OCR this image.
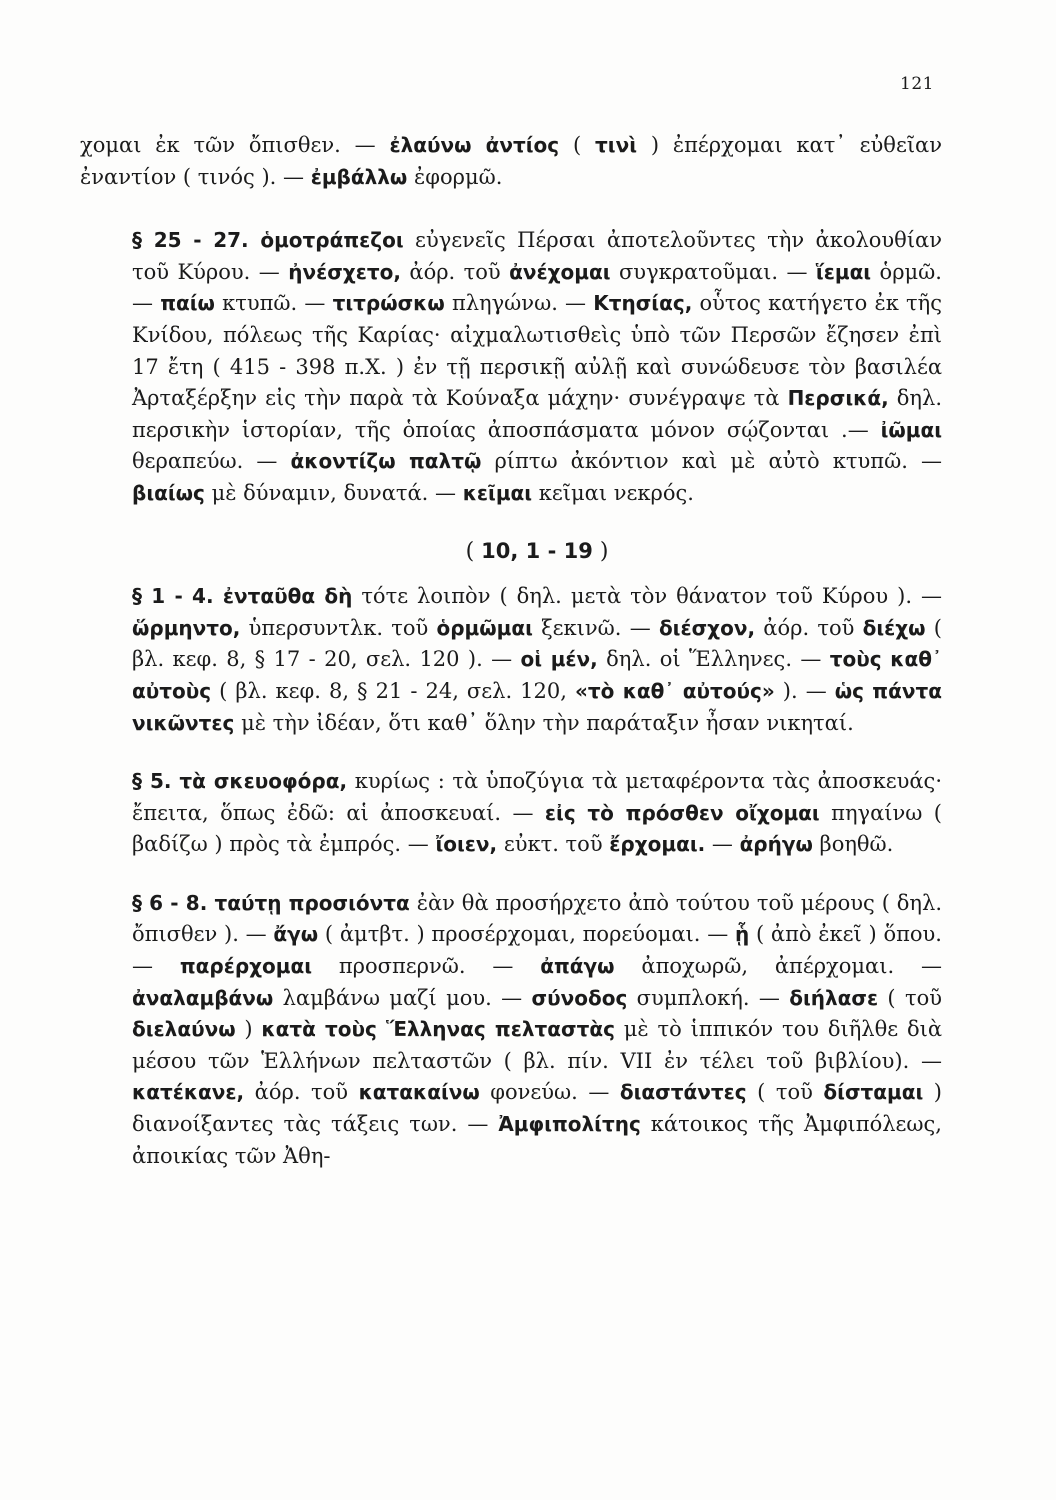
121

χομαι ἐκ τῶν ὄπισθεν. — ἐλαύνω ἀντίος ( τινὶ ) ἐπέρχομαι κατ᾽ εὐθεῖαν ἐναντίον ( τινός ). — ἐμβάλλω ἐφορμῶ.

§ 25 - 27. ὁμοτράπεζοι εὐγενεῖς Πέρσαι ἀποτελοῦντες τὴν ἀκολουθίαν τοῦ Κύρου. — ἠνέσχετο, ἀόρ. τοῦ ἀνέχομαι συγκρατοῦμαι. — ἵεμαι ὁρμῶ. — παίω κτυπῶ. — τιτρώσκω πληγώνω. — Κτησίας, οὗτος κατήγετο ἐκ τῆς Κνίδου, πόλεως τῆς Καρίας· αἰχμαλωτισθεὶς ὑπὸ τῶν Περσῶν ἔζησεν ἐπὶ 17 ἔτη ( 415 - 398 π.Χ. ) ἐν τῇ περσικῇ αὐλῇ καὶ συνώδευσε τὸν βασιλέα Ἀρταξέρξην εἰς τὴν παρὰ τὰ Κούναξα μάχην· συνέγραψε τὰ Περσικά, δηλ. περσικὴν ἱστορίαν, τῆς ὁποίας ἀποσπάσματα μόνον σῴζονται .— ἰῶμαι θεραπεύω. — ἀκοντίζω παλτῷ ρίπτω ἀκόντιον καὶ μὲ αὐτὸ κτυπῶ. — βιαίως μὲ δύναμιν, δυνατά. — κεῖμαι κεῖμαι νεκρός.

( 10, 1 - 19 )

§ 1 - 4. ἐνταῦθα δὴ τότε λοιπὸν ( δηλ. μετὰ τὸν θάνατον τοῦ Κύρου ). — ὥρμηντο, ὑπερσυντλκ. τοῦ ὁρμῶμαι ξεκινῶ. — διέσχον, ἀόρ. τοῦ διέχω ( βλ. κεφ. 8, § 17 - 20, σελ. 120 ). — οἱ μέν, δηλ. οἱ Ἕλληνες. — τοὺς καθ᾽ αὐτοὺς ( βλ. κεφ. 8, § 21 - 24, σελ. 120, «τὸ καθ᾽ αὐτούς» ). — ὡς πάντα νικῶντες μὲ τὴν ἰδέαν, ὅτι καθ᾽ ὅλην τὴν παράταξιν ἦσαν νικηταί.

§ 5. τὰ σκευοφόρα, κυρίως : τὰ ὑποζύγια τὰ μεταφέροντα τὰς ἀποσκευάς· ἔπειτα, ὅπως ἐδῶ: αἱ ἀποσκευαί. — εἰς τὸ πρόσθεν οἴχομαι πηγαίνω ( βαδίζω ) πρὸς τὰ ἐμπρός. — ἴοιεν, εὐκτ. τοῦ ἔρχομαι. — ἀρήγω βοηθῶ.

§ 6 - 8. ταύτῃ προσιόντα ἐὰν θὰ προσήρχετο ἀπὸ τούτου τοῦ μέρους ( δηλ. ὄπισθεν ). — ἄγω ( ἀμτβτ. ) προσέρχομαι, πορεύομαι. — ᾗ ( ἀπὸ ἐκεῖ ) ὅπου. — παρέρχομαι προσπερνῶ. — ἀπάγω ἀποχωρῶ, ἀπέρχομαι. — ἀναλαμβάνω λαμβάνω μαζί μου. — σύνοδος συμπλοκή. — διήλασε ( τοῦ διελαύνω ) κατὰ τοὺς Ἕλληνας πελταστὰς μὲ τὸ ἱππικόν του διῆλθε διὰ μέσου τῶν Ἑλλήνων πελταστῶν ( βλ. πίν. VII ἐν τέλει τοῦ βιβλίου). — κατέκανε, ἀόρ. τοῦ κατακαίνω φονεύω. — διαστάντες ( τοῦ δίσταμαι ) διανοίξαντες τὰς τάξεις των. — Ἀμφιπολίτης κάτοικος τῆς Ἀμφιπόλεως, ἀποικίας τῶν Ἀθη-
